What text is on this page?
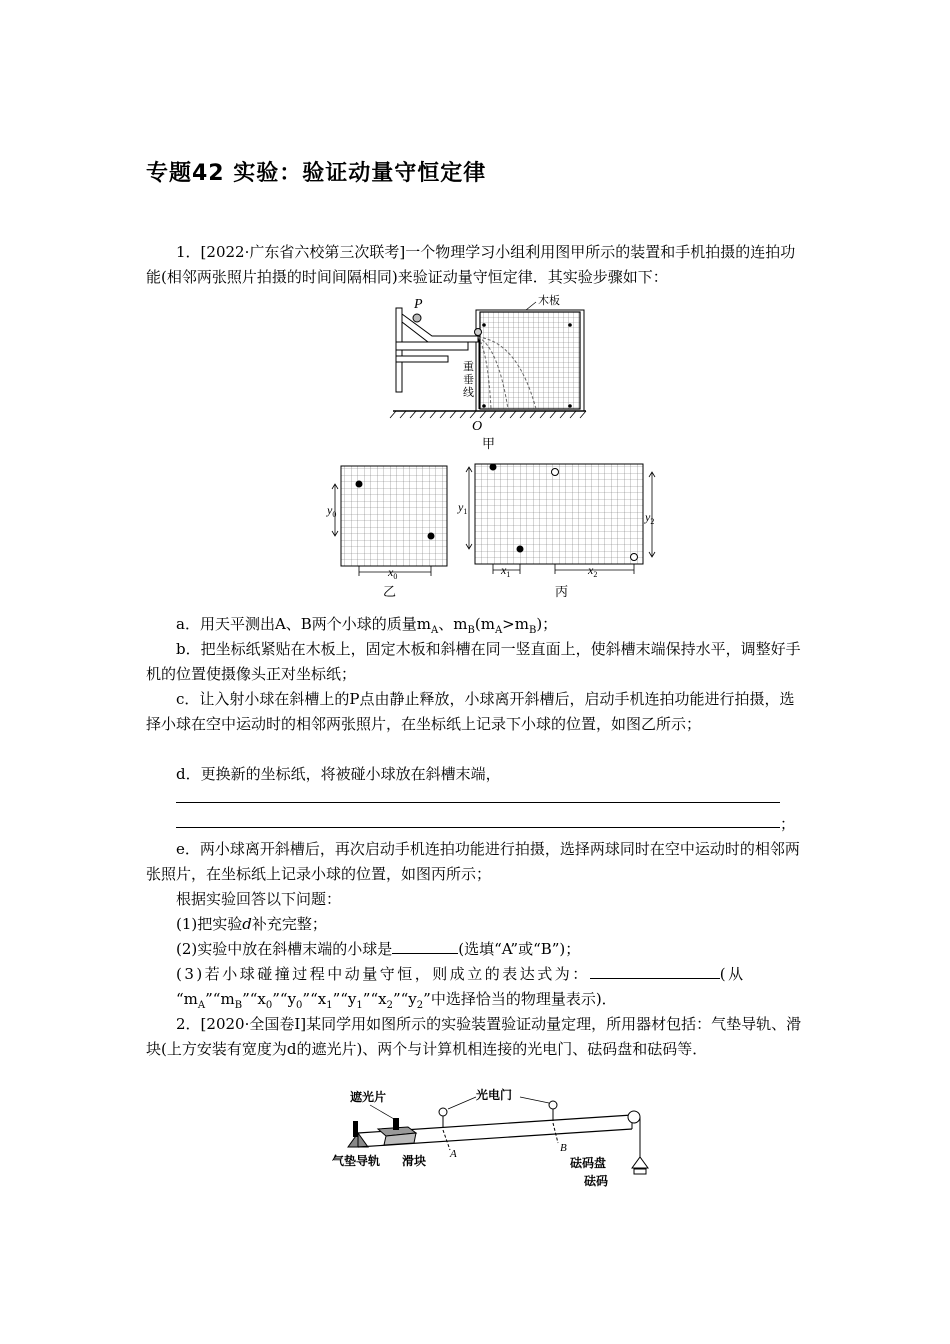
专题42 实验：验证动量守恒定律
1．[2022·广东省六校第三次联考]一个物理学习小组利用图甲所示的装置和手机拍摄的连拍功能(相邻两张照片拍摄的时间间隔相同)来验证动量守恒定律．其实验步骤如下：
P	木板
重
垂
线
O
甲
$y_0$
$x_0$
乙
$y_1$	$y_2$
$x_1$	$x_2$
丙
a．用天平测出A、B两个小球的质量$m_A$、$m_B(m_A>m_B)$；
b．把坐标纸紧贴在木板上，固定木板和斜槽在同一竖直面上，使斜槽末端保持水平，调整好手机的位置使摄像头正对坐标纸；
c．让入射小球在斜槽上的P点由静止释放，小球离开斜槽后，启动手机连拍功能进行拍摄，选择小球在空中运动时的相邻两张照片，在坐标纸上记录下小球的位置，如图乙所示；
d．更换新的坐标纸，将被碰小球放在斜槽末端，
；
e．两小球离开斜槽后，再次启动手机连拍功能进行拍摄，选择两球同时在空中运动时的相邻两张照片，在坐标纸上记录小球的位置，如图丙所示；
根据实验回答以下问题：
(1)把实验d补充完整；
(2)实验中放在斜槽末端的小球是	(选填“A”或“B”)；
(3)若小球碰撞过程中动量守恒，则成立的表达式为：	(从
“$m_A”“m_B”“x_0”“y_0”“x_1”“y_1”“x_2”“y_2$”中选择恰当的物理量表示)．
2．[2020·全国卷Ⅰ]某同学用如图所示的实验装置验证动量定理，所用器材包括：气垫导轨、滑块(上方安装有宽度为d的遮光片)、两个与计算机相连接的光电门、砝码盘和砝码等．
遮光片	光电门
气垫导轨 滑块 A	B
砝码盘
砝码
